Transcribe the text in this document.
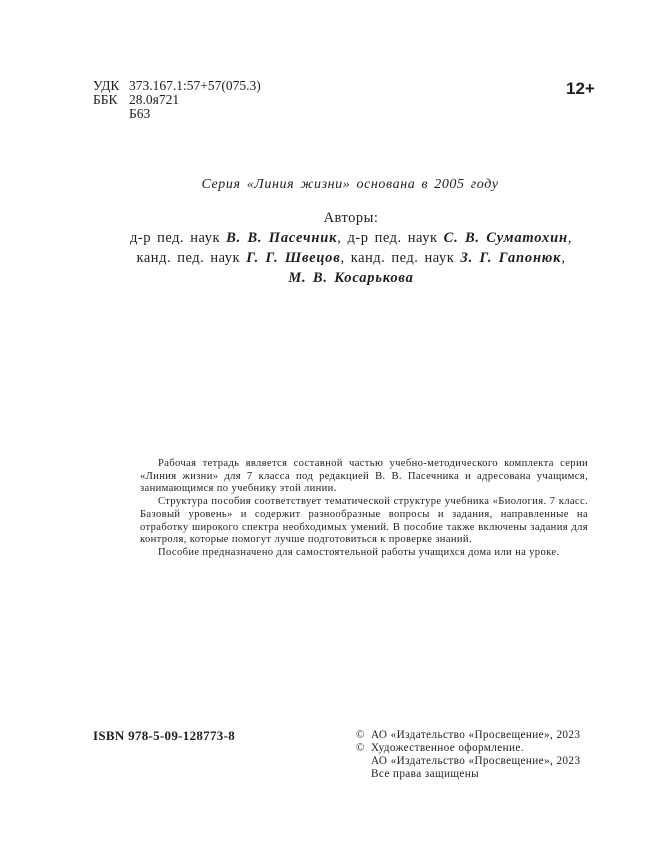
УДК 373.167.1:57+57(075.3)
ББК 28.0я721
Б63
12+
Серия «Линия жизни» основана в 2005 году
Авторы:
д-р пед. наук В. В. Пасечник, д-р пед. наук С. В. Суматохин,
канд. пед. наук Г. Г. Швецов, канд. пед. наук З. Г. Гапонюк,
М. В. Косарькова

Рабочая тетрадь является составной частью учебно-методического комплекта серии «Линия жизни» для 7 класса под редакцией В. В. Пасечника и адресована учащимся, занимающимся по учебнику этой линии.

Структура пособия соответствует тематической структуре учебника «Биология. 7 класс. Базовый уровень» и содержит разнообразные вопросы и задания, направленные на отработку широкого спектра необходимых умений. В пособие также включены задания для контроля, которые помогут лучше подготовиться к проверке знаний.

Пособие предназначено для самостоятельной работы учащихся дома или на уроке.

ISBN 978-5-09-128773-8	© АО «Издательство «Просвещение», 2023
© Художественное оформление.
АО «Издательство «Просвещение», 2023
Все права защищены
